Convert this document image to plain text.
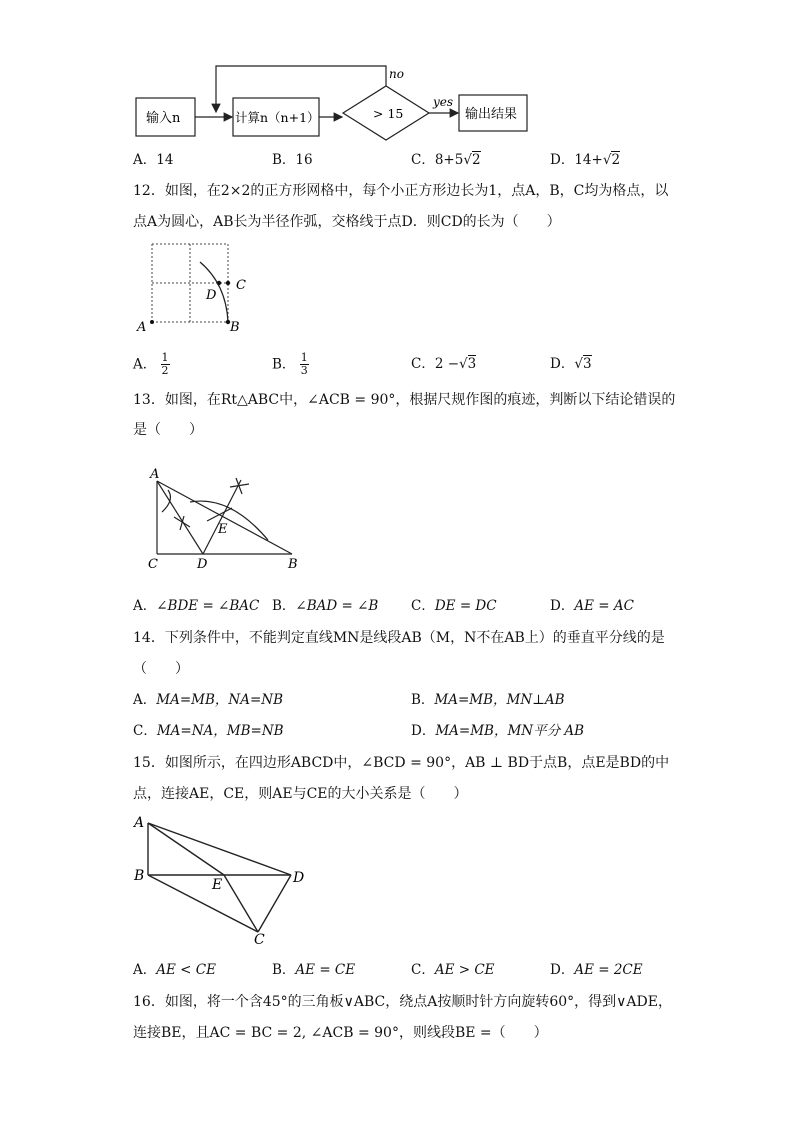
输入n	计算n（n+1）	> 15	输出结果
no
yes
A．14	B．16	C．8+5√2	D．14+√2
12．如图，在2×2的正方形网格中，每个小正方形边长为1，点A，B，C均为格点，以
点A为圆心，AB长为半径作弧，交格线于点D．则CD的长为（　　）
A	B
C
D
A． $\frac{1}{2}$	B． $\frac{1}{3}$	C．2 −√3	D．√3
13．如图，在Rt△ABC中，∠ACB = 90°，根据尺规作图的痕迹，判断以下结论错误的
是（　　）
A
C	D	B
E
A．∠BDE = ∠BAC B．∠BAD = ∠B C．DE = DC	D．AE = AC
14．下列条件中，不能判定直线MN是线段AB（M，N不在AB上）的垂直平分线的是
（　　）
A．MA=MB，NA=NB	B．MA=MB，MN⊥AB
C．MA=NA，MB=NB	D．MA=MB，MN平分 AB
15．如图所示，在四边形ABCD中，∠BCD = 90°，AB ⊥ BD于点B，点E是BD的中
点，连接AE，CE，则AE与CE的大小关系是（　　）
A
B
E	D
C
A．AE < CE	B．AE = CE	C．AE > CE	D．AE = 2CE
16．如图，将一个含45°的三角板∨ABC，绕点A按顺时针方向旋转60°，得到∨ADE，
连接BE，且AC = BC = 2, ∠ACB = 90°，则线段BE =（　　）
